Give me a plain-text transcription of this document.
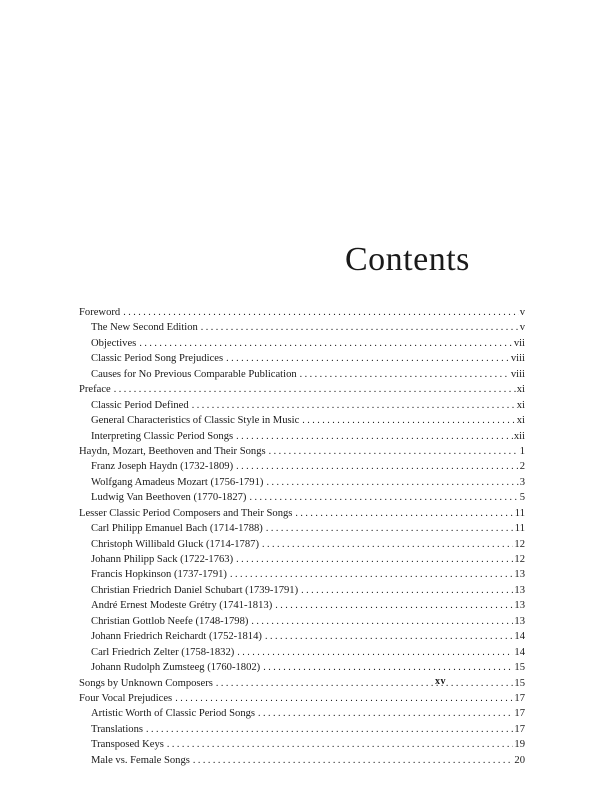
Contents
Foreword . . .	v
The New Second Edition . . .	v
Objectives . . .	vii
Classic Period Song Prejudices . . .	viii
Causes for No Previous Comparable Publication . . .	viii
Preface . . .	xi
Classic Period Defined . . .	xi
General Characteristics of Classic Style in Music . . .	xi
Interpreting Classic Period Songs . . .	xii
Haydn, Mozart, Beethoven and Their Songs . . .	1
Franz Joseph Haydn (1732-1809) . . .	2
Wolfgang Amadeus Mozart (1756-1791) . . .	3
Ludwig Van Beethoven (1770-1827) . . .	5
Lesser Classic Period Composers and Their Songs . . .	11
Carl Philipp Emanuel Bach (1714-1788) . . .	11
Christoph Willibald Gluck (1714-1787) . . .	12
Johann Philipp Sack (1722-1763) . . .	12
Francis Hopkinson (1737-1791) . . .	13
Christian Friedrich Daniel Schubart (1739-1791) . . .	13
André Ernest Modeste Grétry (1741-1813) . . .	13
Christian Gottlob Neefe (1748-1798) . . .	13
Johann Friedrich Reichardt (1752-1814) . . .	14
Carl Friedrich Zelter (1758-1832) . . .	14
Johann Rudolph Zumsteeg (1760-1802) . . .	15
Songs by Unknown Composers . . .	15
Four Vocal Prejudices . . .	17
Artistic Worth of Classic Period Songs . . .	17
Translations . . .	17
Transposed Keys . . .	19
Male vs. Female Songs . . .	20
xv
